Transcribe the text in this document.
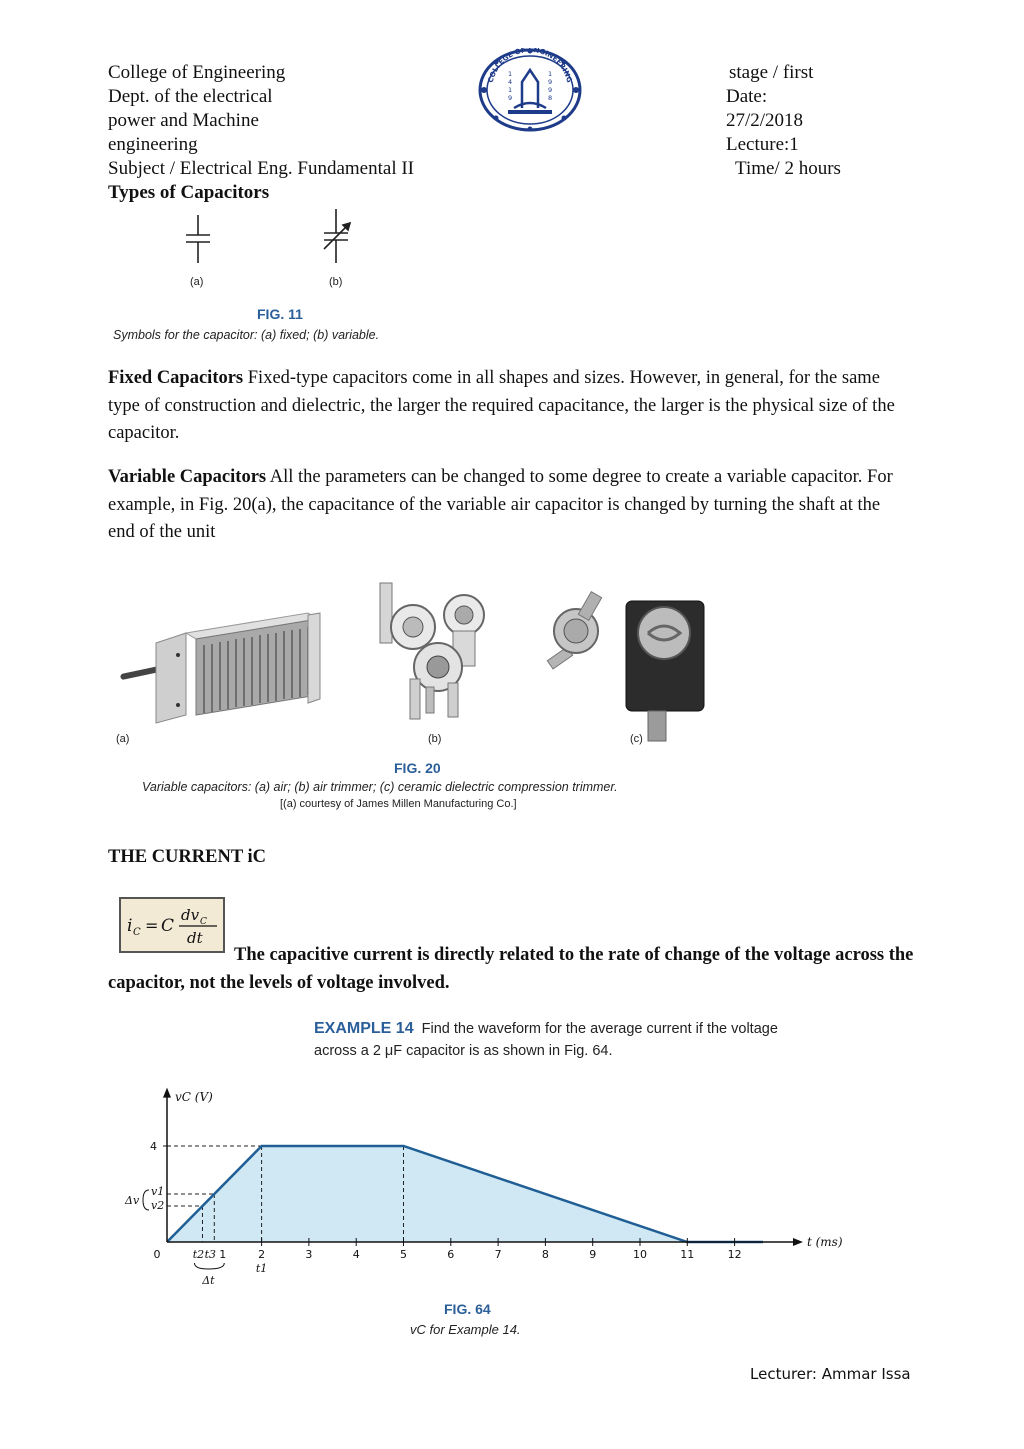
College of Engineering
Dept. of the electrical
power and Machine
engineering
Subject / Electrical Eng. Fundamental II
Types of Capacitors
stage / first
Date:
27/2/2018
Lecture:1
Time/ 2 hours
COLLEGE OF ENGINEERING
1
4
1
9
1
9
9
8
(a)	(b)
FIG. 11
Symbols for the capacitor: (a) fixed; (b) variable.
Fixed Capacitors Fixed-type capacitors come in all shapes and sizes. However, in general, for the same type of construction and dielectric, the larger the required capacitance, the larger is the physical size of the capacitor.
Variable Capacitors All the parameters can be changed to some degree to create a variable capacitor. For example, in Fig. 20(a), the capacitance of the variable air capacitor is changed by turning the shaft at the end of the unit
(a)	(b)	(c)
FIG. 20
Variable capacitors: (a) air; (b) air trimmer; (c) ceramic dielectric compression trimmer.
[(a) courtesy of James Millen Manufacturing Co.]
THE CURRENT iC
i C = C
dv C
dt
The capacitive current is directly related to the rate of change of the voltage across the capacitor, not the levels of voltage involved.
EXAMPLE 14 Find the waveform for the average current if the voltage
across a 2 μF capacitor is as shown in Fig. 64.
vC (V)
t (ms)
0	2	3	4	5	6	7	8	9	10	11	12
4
t2 t3 1
t1
Δt
Δv
v1
v2
FIG. 64
vC for Example 14.
Lecturer: Ammar Issa
